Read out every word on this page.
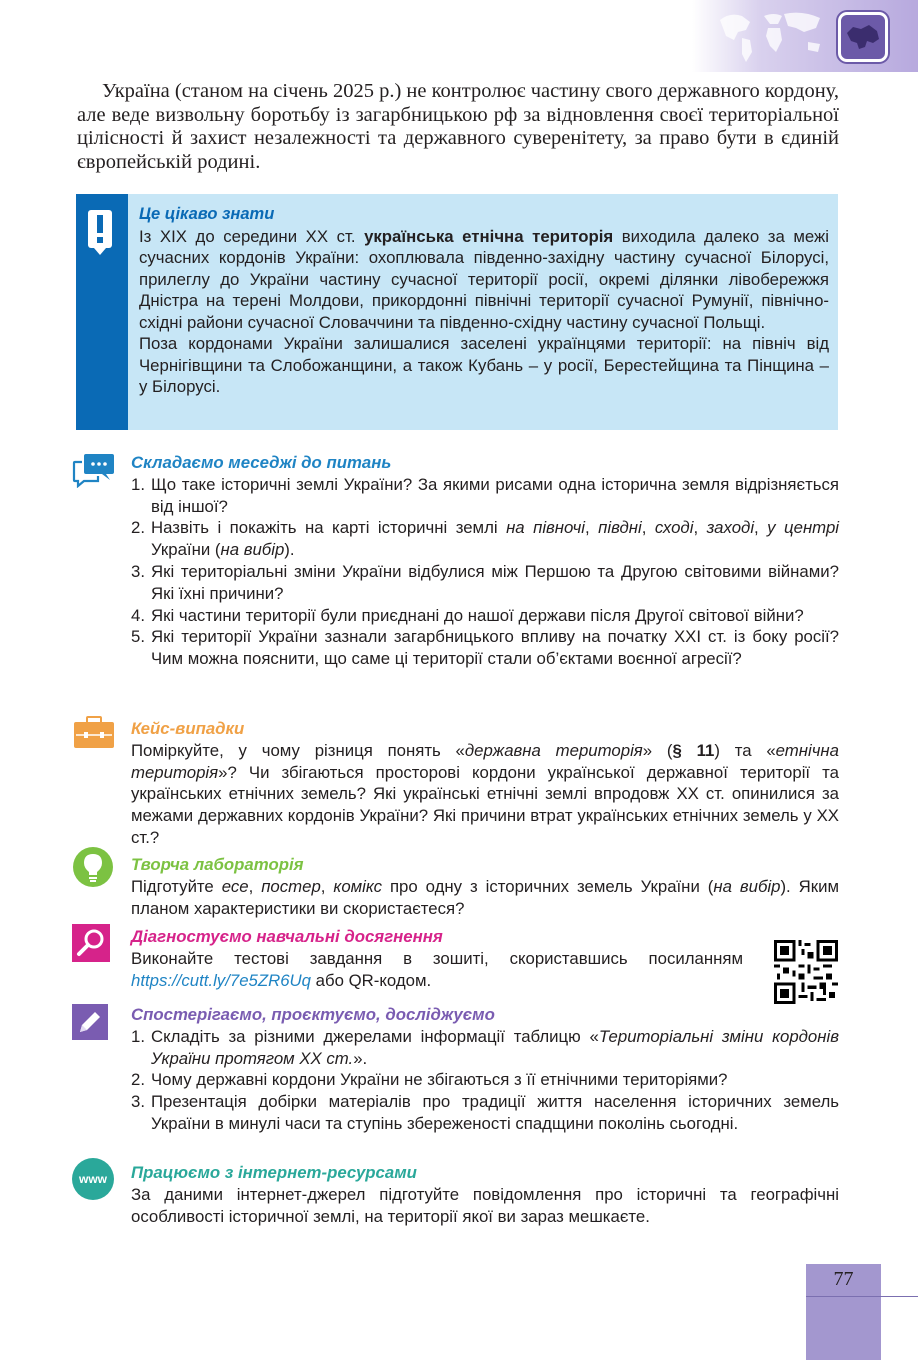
Україна (станом на січень 2025 р.) не контролює частину свого державного кордону, але веде визвольну боротьбу із загарбницькою рф за відновлення своєї територіальної цілісності й захист незалежності та державного суверенітету, за право бути в єдиній європейській родині.

Це цікаво знати

Із ХІХ до середини ХХ ст. українська етнічна територія виходила далеко за межі сучасних кордонів України: охоплювала південно-західну частину сучасної Білорусі, прилеглу до України частину сучасної території росії, окремі ділянки лівобережжя Дністра на терені Молдови, прикордонні північні території сучасної Румунії, північно-східні райони сучасної Словаччини та південно-східну частину сучасної Польщі.

Поза кордонами України залишалися заселені українцями території: на північ від Чернігівщини та Слобожанщини, а також Кубань – у росії, Берестейщина та Пінщина – у Білорусі.

Складаємо меседжі до питань
1. Що таке історичні землі України? За якими рисами одна історична земля відрізняється від іншої?
2. Назвіть і покажіть на карті історичні землі на півночі, півдні, сході, заході, у центрі України (на вибір).
3. Які територіальні зміни України відбулися між Першою та Другою світовими війнами? Які їхні причини?
4. Які частини території були приєднані до нашої держави після Другої світової війни?
5. Які території України зазнали загарбницького впливу на початку ХХІ ст. із боку росії? Чим можна пояснити, що саме ці території стали об’єктами воєнної агресії?
Кейс-випадки

Поміркуйте, у чому різниця понять «державна територія» (§ 11) та «етнічна територія»? Чи збігаються просторові кордони української державної території та українських етнічних земель? Які українські етнічні землі впродовж ХХ ст. опинилися за межами державних кордонів України? Які причини втрат українських етнічних земель у ХХ ст.?

Творча лабораторія

Підготуйте есе, постер, комікс про одну з історичних земель України (на вибір). Яким планом характеристики ви скористаєтеся?

Діагностуємо навчальні досягнення

Виконайте тестові завдання в зошиті, скориставшись посиланням https://cutt.ly/7e5ZR6Uq або QR-кодом.

Спостерігаємо, проєктуємо, досліджуємо
1. Складіть за різними джерелами інформації таблицю «Територіальні зміни кордонів України протягом ХХ ст.».
2. Чому державні кордони України не збігаються з її етнічними територіями?
3. Презентація добірки матеріалів про традиції життя населення історичних земель України в минулі часи та ступінь збереженості спадщини поколінь сьогодні.
www	Працюємо з інтернет-ресурсами

За даними інтернет-джерел підготуйте повідомлення про історичні та географічні особливості історичної землі, на території якої ви зараз мешкаєте.

77
